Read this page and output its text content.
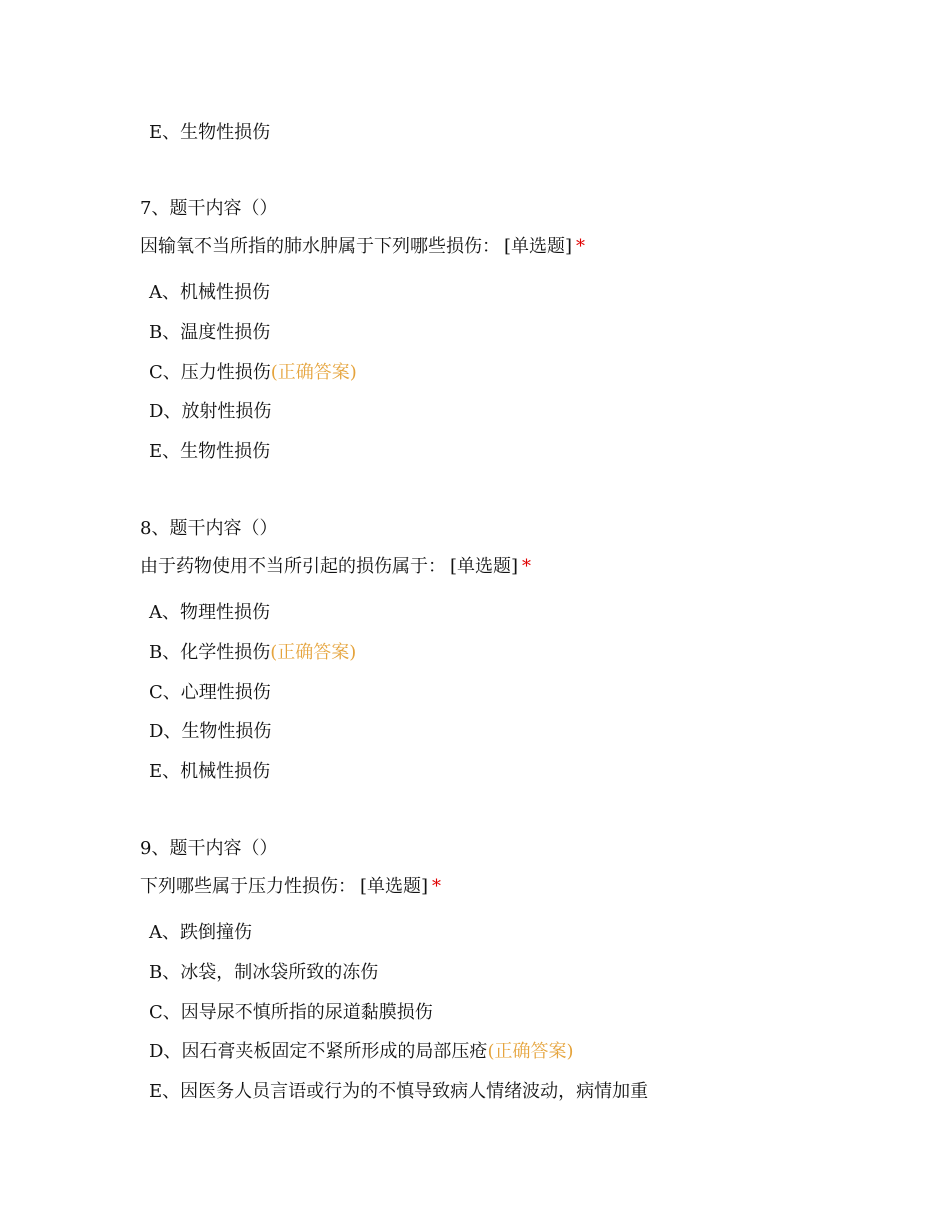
E、生物性损伤
7、题干内容（）
因输氧不当所指的肺水肿属于下列哪些损伤： [单选题] *
A、机械性损伤
B、温度性损伤
C、压力性损伤(正确答案)
D、放射性损伤
E、生物性损伤
8、题干内容（）
由于药物使用不当所引起的损伤属于： [单选题] *
A、物理性损伤
B、化学性损伤(正确答案)
C、心理性损伤
D、生物性损伤
E、机械性损伤
9、题干内容（）
下列哪些属于压力性损伤： [单选题] *
A、跌倒撞伤
B、冰袋，制冰袋所致的冻伤
C、因导尿不慎所指的尿道黏膜损伤
D、因石膏夹板固定不紧所形成的局部压疮(正确答案)
E、因医务人员言语或行为的不慎导致病人情绪波动，病情加重
